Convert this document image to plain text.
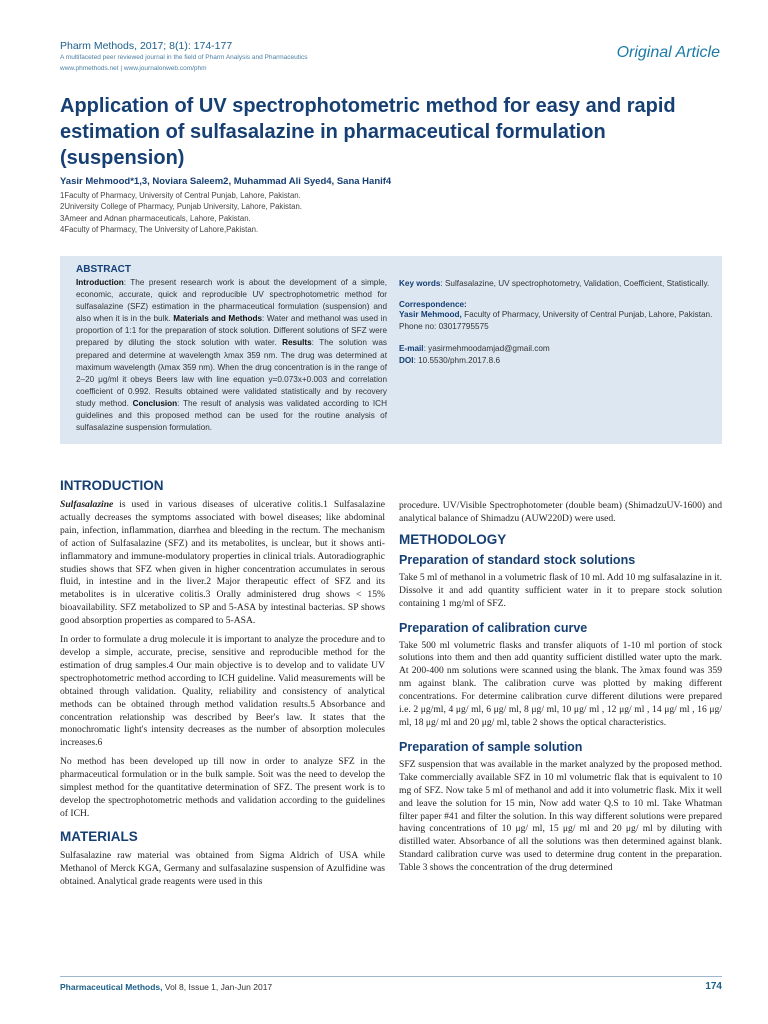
Pharm Methods, 2017; 8(1): 174-177
A multifaceted peer reviewed journal in the field of Pharm Analysis and Pharmaceutics
www.phmethods.net | www.journalonweb.com/phm
Original Article
Application of UV spectrophotometric method for easy and rapid estimation of sulfasalazine in pharmaceutical formulation (suspension)
Yasir Mehmood*1,3, Noviara Saleem2, Muhammad Ali Syed4, Sana Hanif4
1Faculty of Pharmacy, University of Central Punjab, Lahore, Pakistan.
2University College of Pharmacy, Punjab University, Lahore, Pakistan.
3Ameer and Adnan pharmaceuticals, Lahore, Pakistan.
4Faculty of Pharmacy, The University of Lahore,Pakistan.
ABSTRACT
Introduction: The present research work is about the development of a simple, economic, accurate, quick and reproducible UV spectrophotometric method for sulfasalazine (SFZ) estimation in the pharmaceutical formulation (suspension) and also when it is in the bulk. Materials and Methods: Water and methanol was used in proportion of 1:1 for the preparation of stock solution. Different solutions of SFZ were prepared by diluting the stock solution with water. Results: The solution was prepared and determine at wavelength λmax 359 nm. The drug was determined at maximum wavelength (λmax 359 nm). When the drug concentration is in the range of 2–20 μg/ml it obeys Beers law with line equation y=0.073x+0.003 and correlation coefficient of 0.992. Results obtained were validated statistically and by recovery study method. Conclusion: The result of analysis was validated according to ICH guidelines and this proposed method can be used for the routine analysis of sulfasalazine suspension formulation.
Key words: Sulfasalazine, UV spectrophotometry, Validation, Coefficient, Statistically.
Correspondence:
Yasir Mehmood, Faculty of Pharmacy, University of Central Punjab, Lahore, Pakistan.
Phone no: 03017795575
E-mail: yasirmehmoodamjad@gmail.com
DOI: 10.5530/phm.2017.8.6
INTRODUCTION

Sulfasalazine is used in various diseases of ulcerative colitis.1 Sulfasalazine actually decreases the symptoms associated with bowel diseases; like abdominal pain, infection, inflammation, diarrhea and bleeding in the rectum. The mechanism of action of Sulfasalazine (SFZ) and its metabolites, is unclear, but it shows anti-inflammatory and immune-modulatory properties in clinical trials. Autoradiographic studies shows that SFZ when given in higher concentration accumulates in serous fluid, in intestine and in the liver.2 Major therapeutic effect of SFZ and its metabolites is in ulcerative colitis.3 Orally administered drug shows < 15% bioavailability. SFZ metabolized to SP and 5-ASA by intestinal bacterias. SP shows good absorption properties as compared to 5-ASA.

In order to formulate a drug molecule it is important to analyze the procedure and to develop a simple, accurate, precise, sensitive and reproducible method for the estimation of drug samples.4 Our main objective is to develop and to validate UV spectrophotometric method according to ICH guideline. Valid measurements will be obtained through validation. Quality, reliability and consistency of analytical methods can be obtained through method validation results.5 Absorbance and concentration relationship was described by Beer's law. It states that the monochromatic light's intensity decreases as the number of absorption molecules increases.6

No method has been developed up till now in order to analyze SFZ in the pharmaceutical formulation or in the bulk sample. Soit was the need to develop the simplest method for the quantitative determination of SFZ. The present work is to develop the spectrophotometric methods and validation according to the guidelines of ICH.

MATERIALS

Sulfasalazine raw material was obtained from Sigma Aldrich of USA while Methanol of Merck KGA, Germany and sulfasalazine suspension of Azulfidine was obtained. Analytical grade reagents were used in this

procedure. UV/Visible Spectrophotometer (double beam) (ShimadzuUV-1600) and analytical balance of Shimadzu (AUW220D) were used.

METHODOLOGY
Preparation of standard stock solutions

Take 5 ml of methanol in a volumetric flask of 10 ml. Add 10 mg sulfasalazine in it. Dissolve it and add quantity sufficient water in it to prepare stock solution containing 1 mg/ml of SFZ.

Preparation of calibration curve

Take 500 ml volumetric flasks and transfer aliquots of 1-10 ml portion of stock solutions into them and then add quantity sufficient distilled water upto the mark. At 200-400 nm solutions were scanned using the blank. The λmax found was 359 nm against blank. The calibration curve was plotted by making different concentrations. For determine calibration curve different dilutions were prepared i.e. 2 μg/ml, 4 μg/ ml, 6 μg/ ml, 8 μg/ ml, 10 μg/ ml , 12 μg/ ml , 14 μg/ ml , 16 μg/ ml, 18 μg/ ml and 20 μg/ ml, table 2 shows the optical characteristics.

Preparation of sample solution

SFZ suspension that was available in the market analyzed by the proposed method. Take commercially available SFZ in 10 ml volumetric flak that is equivalent to 10 mg of SFZ. Now take 5 ml of methanol and add it into volumetric flask. Mix it well and leave the solution for 15 min, Now add water Q.S to 10 ml. Take Whatman filter paper #41 and filter the solution. In this way different solutions were prepared having concentrations of 10 μg/ ml, 15 μg/ ml and 20 μg/ ml by diluting with distilled water. Absorbance of all the solutions was then determined against blank. Standard calibration curve was used to determine drug content in the preparation. Table 3 shows the concentration of the drug determined

Pharmaceutical Methods, Vol 8, Issue 1, Jan-Jun 2017	174
